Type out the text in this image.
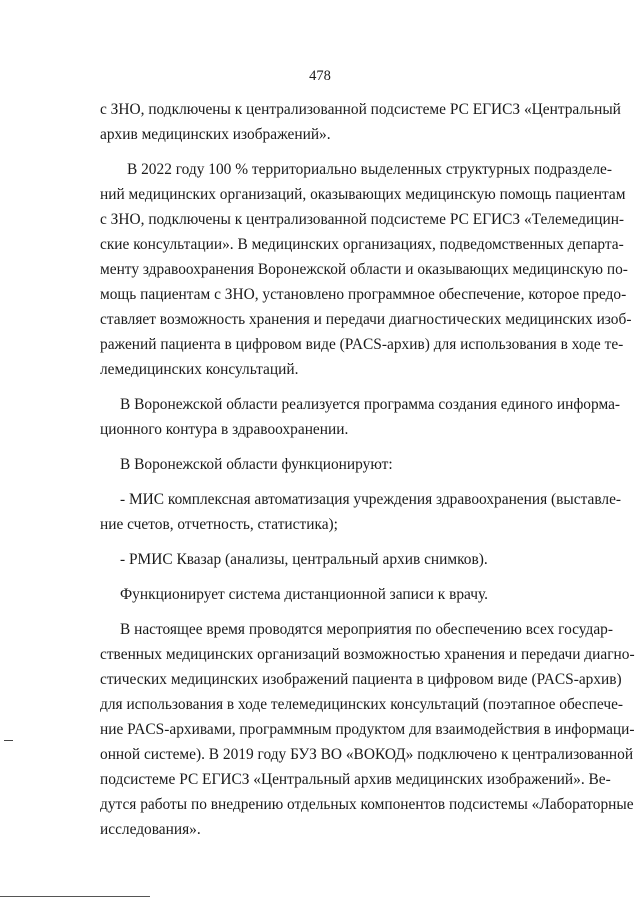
478
с ЗНО, подключены к централизованной подсистеме РС ЕГИСЗ «Центральный
архив медицинских изображений».
В 2022 году 100 % территориально выделенных структурных подразделе-
ний медицинских организаций, оказывающих медицинскую помощь пациентам
с ЗНО, подключены к централизованной подсистеме РС ЕГИСЗ «Телемедицин-
ские консультации». В медицинских организациях, подведомственных департа-
менту здравоохранения Воронежской области и оказывающих медицинскую по-
мощь пациентам с ЗНО, установлено программное обеспечение, которое предо-
ставляет возможность хранения и передачи диагностических медицинских изоб-
ражений пациента в цифровом виде (PACS-архив) для использования в ходе те-
лемедицинских консультаций.
В Воронежской области реализуется программа создания единого информа-
ционного контура в здравоохранении.
В Воронежской области функционируют:
- МИС комплексная автоматизация учреждения здравоохранения (выставле-
ние счетов, отчетность, статистика);
- РМИС Квазар (анализы, центральный архив снимков).
Функционирует система дистанционной записи к врачу.
В настоящее время проводятся мероприятия по обеспечению всех государ-
ственных медицинских организаций возможностью хранения и передачи диагно-
стических медицинских изображений пациента в цифровом виде (PACS-архив)
для использования в ходе телемедицинских консультаций (поэтапное обеспече-
ние PACS-архивами, программным продуктом для взаимодействия в информаци-
онной системе). В 2019 году БУЗ ВО «ВОКОД» подключено к централизованной
подсистеме РС ЕГИСЗ «Центральный архив медицинских изображений». Ве-
дутся работы по внедрению отдельных компонентов подсистемы «Лабораторные
исследования».
